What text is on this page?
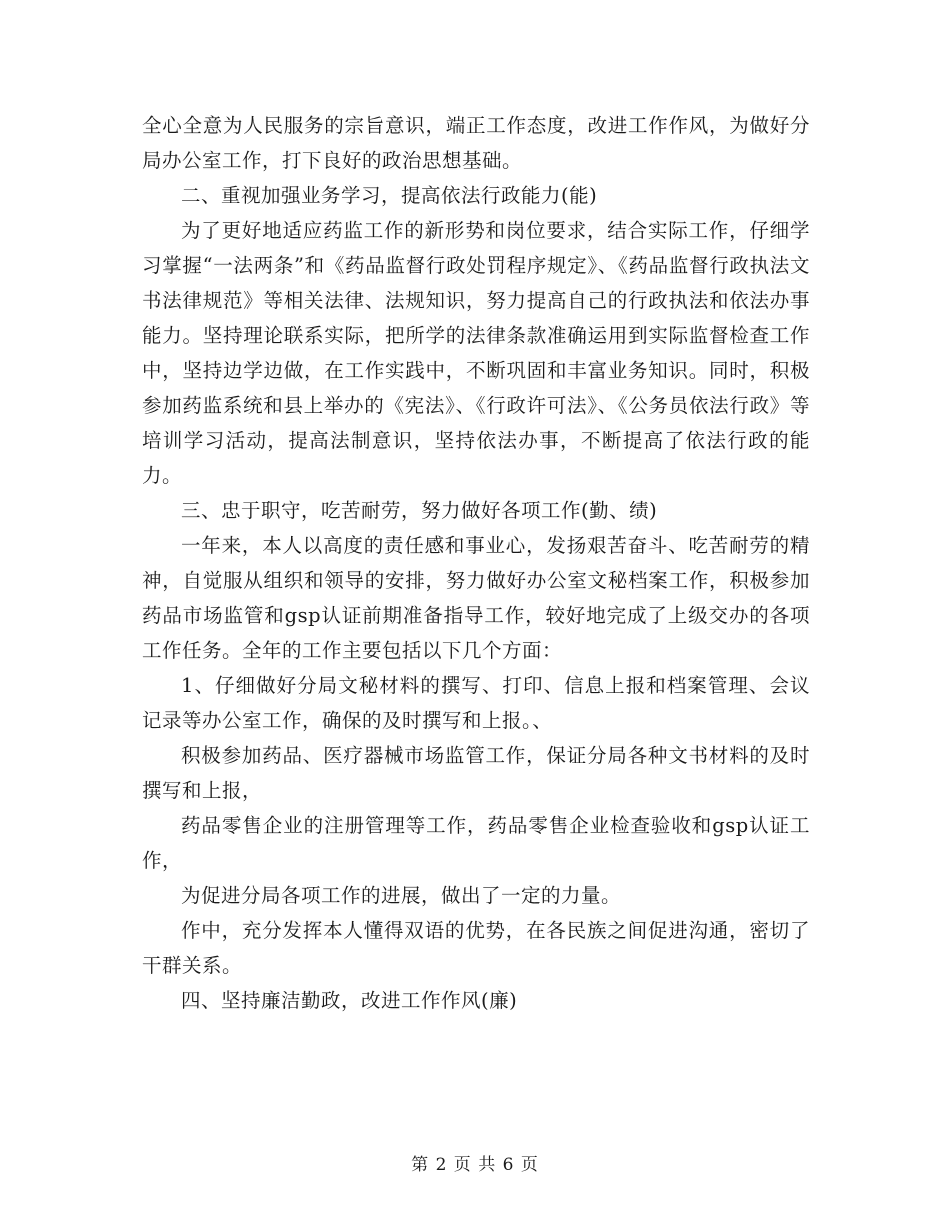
全心全意为人民服务的宗旨意识，端正工作态度，改进工作作风，为做好分局办公室工作，打下良好的政治思想基础。

二、重视加强业务学习，提高依法行政能力(能)

为了更好地适应药监工作的新形势和岗位要求，结合实际工作，仔细学习掌握“一法两条”和《药品监督行政处罚程序规定》、《药品监督行政执法文书法律规范》等相关法律、法规知识，努力提高自己的行政执法和依法办事能力。坚持理论联系实际，把所学的法律条款准确运用到实际监督检查工作中，坚持边学边做，在工作实践中，不断巩固和丰富业务知识。同时，积极参加药监系统和县上举办的《宪法》、《行政许可法》、《公务员依法行政》等培训学习活动，提高法制意识，坚持依法办事，不断提高了依法行政的能力。

三、忠于职守，吃苦耐劳，努力做好各项工作(勤、绩)

一年来，本人以高度的责任感和事业心，发扬艰苦奋斗、吃苦耐劳的精神，自觉服从组织和领导的安排，努力做好办公室文秘档案工作，积极参加药品市场监管和gsp认证前期准备指导工作，较好地完成了上级交办的各项工作任务。全年的工作主要包括以下几个方面：

1、仔细做好分局文秘材料的撰写、打印、信息上报和档案管理、会议记录等办公室工作，确保的及时撰写和上报。、

积极参加药品、医疗器械市场监管工作，保证分局各种文书材料的及时撰写和上报，

药品零售企业的注册管理等工作，药品零售企业检查验收和gsp认证工作，

为促进分局各项工作的进展，做出了一定的力量。

作中，充分发挥本人懂得双语的优势，在各民族之间促进沟通，密切了干群关系。

四、坚持廉洁勤政，改进工作作风(廉)

第 2 页 共 6 页
